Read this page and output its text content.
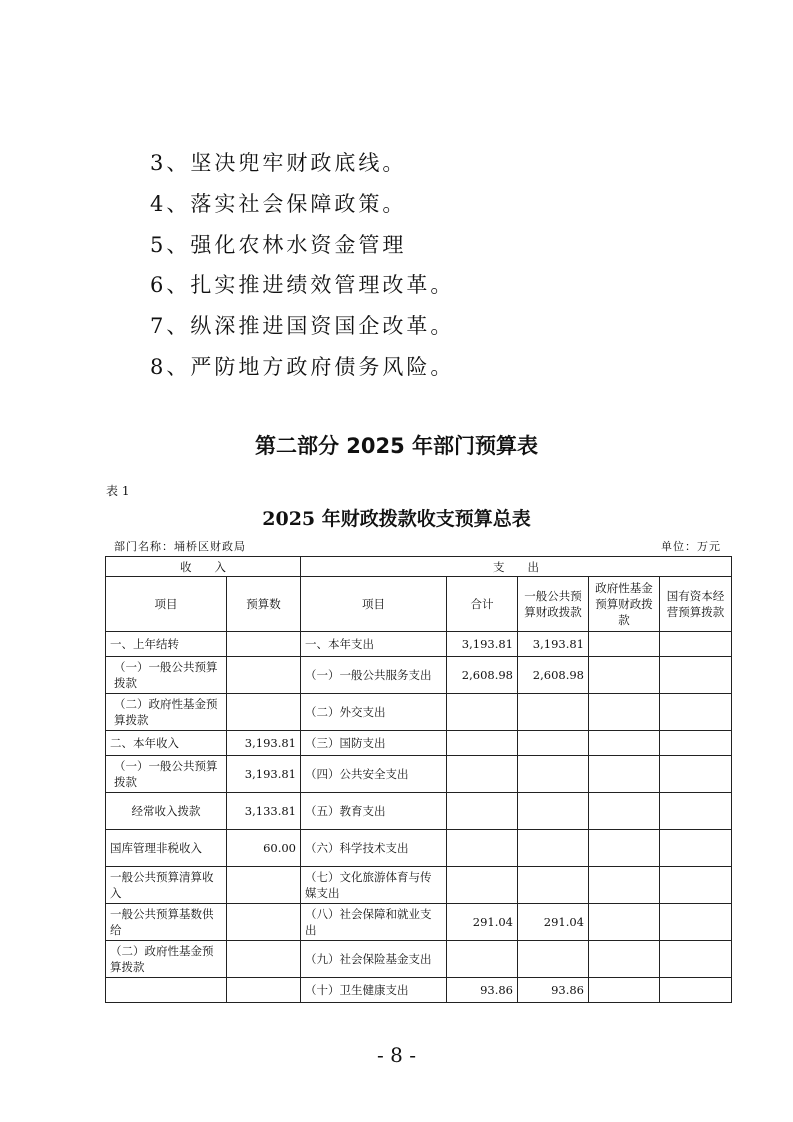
3、坚决兜牢财政底线。
4、落实社会保障政策。
5、强化农林水资金管理
6、扎实推进绩效管理改革。
7、纵深推进国资国企改革。
8、严防地方政府债务风险。
第二部分 2025 年部门预算表
表 1
2025 年财政拨款收支预算总表
部门名称：埇桥区财政局	单位：万元
收　　入		支　　出				
项目	预算数	项目	合计	一般公共预算财政拨款	政府性基金预算财政拨款	国有资本经营预算拨款
一、上年结转		一、本年支出	3,193.81	3,193.81		
（一）一般公共预算拨款		（一）一般公共服务支出	2,608.98	2,608.98		
（二）政府性基金预算拨款		（二）外交支出				
二、本年收入	3,193.81	（三）国防支出				
（一）一般公共预算拨款	3,193.81	（四）公共安全支出				
经常收入拨款	3,133.81	（五）教育支出				
国库管理非税收入	60.00	（六）科学技术支出				
一般公共预算清算收入		（七）文化旅游体育与传媒支出				
一般公共预算基数供给		（八）社会保障和就业支出	291.04	291.04		
（二）政府性基金预算拨款		（九）社会保险基金支出				
		（十）卫生健康支出	93.86	93.86		
- 8 -
